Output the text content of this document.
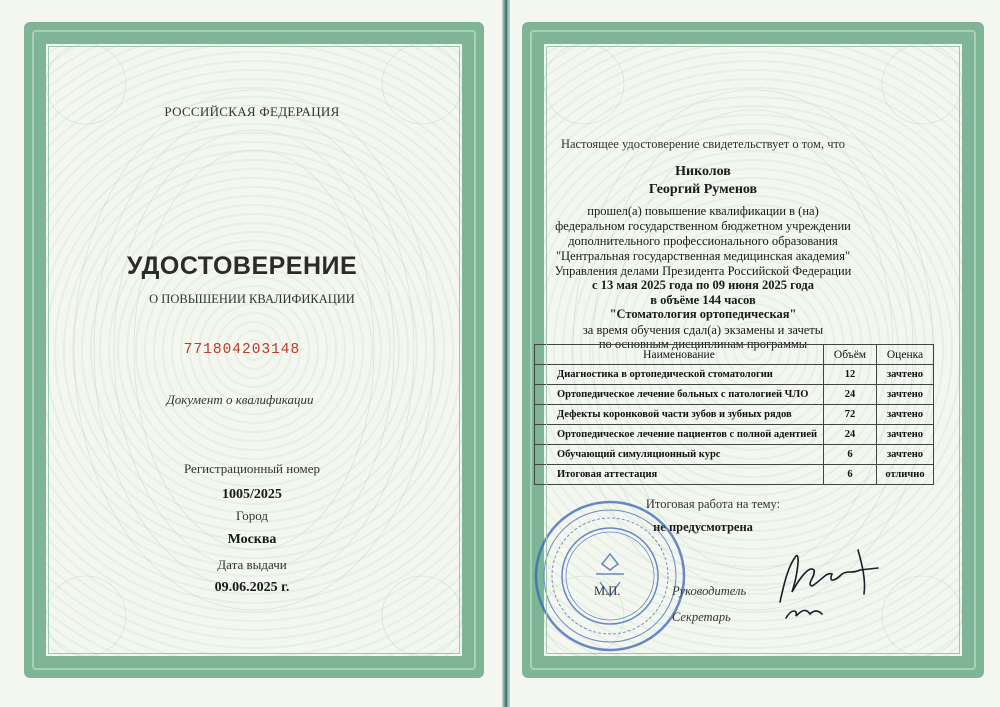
РОССИЙСКАЯ ФЕДЕРАЦИЯ
УДОСТОВЕРЕНИЕ
О ПОВЫШЕНИИ КВАЛИФИКАЦИИ
771804203148
Документ о квалификации
Регистрационный номер
1005/2025
Город
Москва
Дата выдачи
09.06.2025 г.
Настоящее удостоверение свидетельствует о том, что
Николов
Георгий Руменов
прошел(а) повышение квалификации в (на)
федеральном государственном бюджетном учреждении
дополнительного профессионального образования
"Центральная государственная медицинская академия"
Управления делами Президента Российской Федерации
с 13 мая 2025 года по 09 июня 2025 года
в объёме 144 часов
"Стоматология ортопедическая"
за время обучения сдал(а) экзамены и зачеты
по основным дисциплинам программы
Наименование	Объём	Оценка
Диагностика в ортопедической стоматологии	12	зачтено
Ортопедическое лечение больных с патологией ЧЛО	24	зачтено
Дефекты коронковой части зубов и зубных рядов	72	зачтено
Ортопедическое лечение пациентов с полной адентией	24	зачтено
Обучающий симуляционный курс	6	зачтено
Итоговая аттестация	6	отлично
Итоговая работа на тему:
не предусмотрена
М.П.	Руководитель
Секретарь
